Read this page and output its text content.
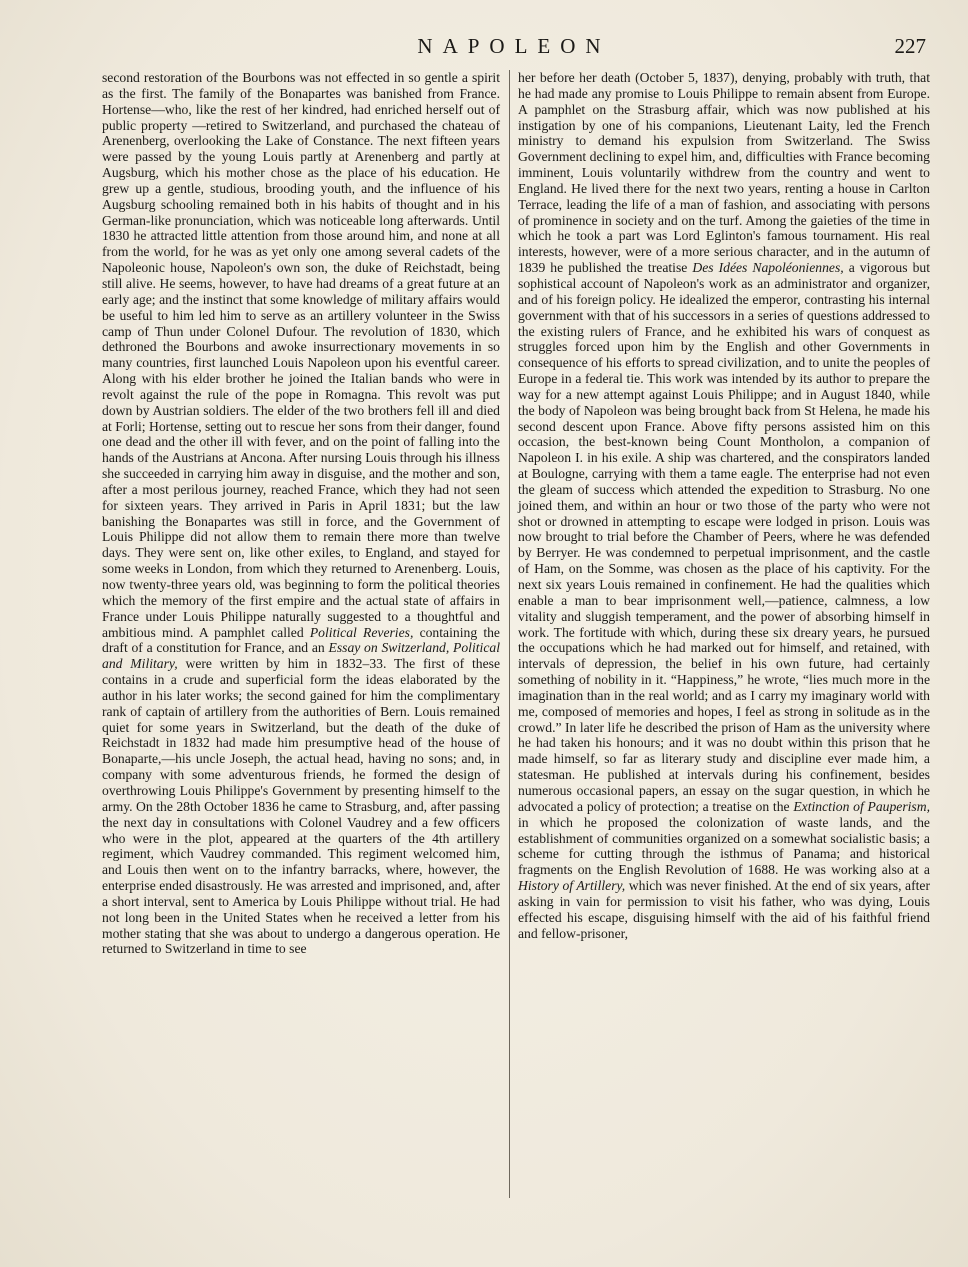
NAPOLEON	227

second restoration of the Bourbons was not effected in so gentle a spirit as the first. The family of the Bonapartes was banished from France. Hortense—who, like the rest of her kindred, had enriched herself out of public property —retired to Switzerland, and purchased the chateau of Arenenberg, overlooking the Lake of Constance. The next fifteen years were passed by the young Louis partly at Arenenberg and partly at Augsburg, which his mother chose as the place of his education. He grew up a gentle, studious, brooding youth, and the influence of his Augsburg schooling remained both in his habits of thought and in his German-like pronunciation, which was noticeable long afterwards. Until 1830 he attracted little attention from those around him, and none at all from the world, for he was as yet only one among several cadets of the Napoleonic house, Napoleon's own son, the duke of Reichstadt, being still alive. He seems, however, to have had dreams of a great future at an early age; and the instinct that some knowledge of military affairs would be useful to him led him to serve as an artillery volunteer in the Swiss camp of Thun under Colonel Dufour. The revolution of 1830, which dethroned the Bourbons and awoke insurrectionary movements in so many countries, first launched Louis Napoleon upon his eventful career. Along with his elder brother he joined the Italian bands who were in revolt against the rule of the pope in Romagna. This revolt was put down by Austrian soldiers. The elder of the two brothers fell ill and died at Forli; Hortense, setting out to rescue her sons from their danger, found one dead and the other ill with fever, and on the point of falling into the hands of the Austrians at Ancona. After nursing Louis through his illness she succeeded in carrying him away in disguise, and the mother and son, after a most perilous journey, reached France, which they had not seen for sixteen years. They arrived in Paris in April 1831; but the law banishing the Bonapartes was still in force, and the Government of Louis Philippe did not allow them to remain there more than twelve days. They were sent on, like other exiles, to England, and stayed for some weeks in London, from which they returned to Arenenberg. Louis, now twenty-three years old, was beginning to form the political theories which the memory of the first empire and the actual state of affairs in France under Louis Philippe naturally suggested to a thoughtful and ambitious mind. A pamphlet called Political Reveries, containing the draft of a constitution for France, and an Essay on Switzerland, Political and Military, were written by him in 1832–33. The first of these contains in a crude and superficial form the ideas elaborated by the author in his later works; the second gained for him the complimentary rank of captain of artillery from the authorities of Bern. Louis remained quiet for some years in Switzerland, but the death of the duke of Reichstadt in 1832 had made him presumptive head of the house of Bonaparte,—his uncle Joseph, the actual head, having no sons; and, in company with some adventurous friends, he formed the design of overthrowing Louis Philippe's Government by presenting himself to the army. On the 28th October 1836 he came to Strasburg, and, after passing the next day in consultations with Colonel Vaudrey and a few officers who were in the plot, appeared at the quarters of the 4th artillery regiment, which Vaudrey commanded. This regiment welcomed him, and Louis then went on to the infantry barracks, where, however, the enterprise ended disastrously. He was arrested and imprisoned, and, after a short interval, sent to America by Louis Philippe without trial. He had not long been in the United States when he received a letter from his mother stating that she was about to undergo a dangerous operation. He returned to Switzerland in time to see

her before her death (October 5, 1837), denying, probably with truth, that he had made any promise to Louis Philippe to remain absent from Europe. A pamphlet on the Strasburg affair, which was now published at his instigation by one of his companions, Lieutenant Laity, led the French ministry to demand his expulsion from Switzerland. The Swiss Government declining to expel him, and, difficulties with France becoming imminent, Louis voluntarily withdrew from the country and went to England. He lived there for the next two years, renting a house in Carlton Terrace, leading the life of a man of fashion, and associating with persons of prominence in society and on the turf. Among the gaieties of the time in which he took a part was Lord Eglinton's famous tournament. His real interests, however, were of a more serious character, and in the autumn of 1839 he published the treatise Des Idées Napoléoniennes, a vigorous but sophistical account of Napoleon's work as an administrator and organizer, and of his foreign policy. He idealized the emperor, contrasting his internal government with that of his successors in a series of questions addressed to the existing rulers of France, and he exhibited his wars of conquest as struggles forced upon him by the English and other Governments in consequence of his efforts to spread civilization, and to unite the peoples of Europe in a federal tie. This work was intended by its author to prepare the way for a new attempt against Louis Philippe; and in August 1840, while the body of Napoleon was being brought back from St Helena, he made his second descent upon France. Above fifty persons assisted him on this occasion, the best-known being Count Montholon, a companion of Napoleon I. in his exile. A ship was chartered, and the conspirators landed at Boulogne, carrying with them a tame eagle. The enterprise had not even the gleam of success which attended the expedition to Strasburg. No one joined them, and within an hour or two those of the party who were not shot or drowned in attempting to escape were lodged in prison. Louis was now brought to trial before the Chamber of Peers, where he was defended by Berryer. He was condemned to perpetual imprisonment, and the castle of Ham, on the Somme, was chosen as the place of his captivity. For the next six years Louis remained in confinement. He had the qualities which enable a man to bear imprisonment well,—patience, calmness, a low vitality and sluggish temperament, and the power of absorbing himself in work. The fortitude with which, during these six dreary years, he pursued the occupations which he had marked out for himself, and retained, with intervals of depression, the belief in his own future, had certainly something of nobility in it. “Happiness,” he wrote, “lies much more in the imagination than in the real world; and as I carry my imaginary world with me, composed of memories and hopes, I feel as strong in solitude as in the crowd.” In later life he described the prison of Ham as the university where he had taken his honours; and it was no doubt within this prison that he made himself, so far as literary study and discipline ever made him, a statesman. He published at intervals during his confinement, besides numerous occasional papers, an essay on the sugar question, in which he advocated a policy of protection; a treatise on the Extinction of Pauperism, in which he proposed the colonization of waste lands, and the establishment of communities organized on a somewhat socialistic basis; a scheme for cutting through the isthmus of Panama; and historical fragments on the English Revolution of 1688. He was working also at a History of Artillery, which was never finished. At the end of six years, after asking in vain for permission to visit his father, who was dying, Louis effected his escape, disguising himself with the aid of his faithful friend and fellow-prisoner,
